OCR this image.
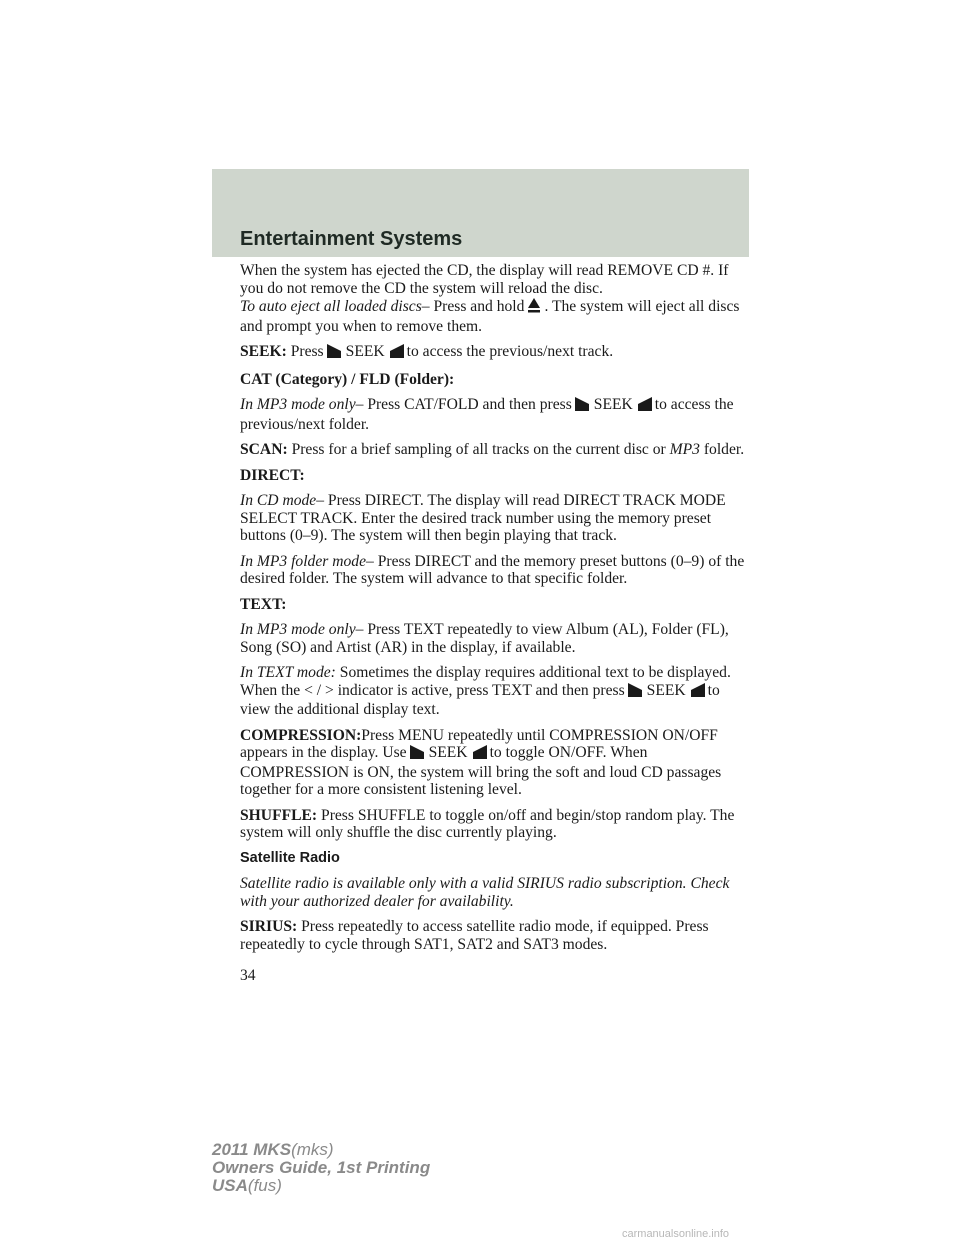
Entertainment Systems

When the system has ejected the CD, the display will read REMOVE CD #. If you do not remove the CD the system will reload the disc.
To auto eject all loaded discs– Press and hold . The system will eject all discs and prompt you when to remove them.

SEEK: Press SEEK to access the previous/next track.

CAT (Category) / FLD (Folder):

In MP3 mode only– Press CAT/FOLD and then press SEEK to access the previous/next folder.

SCAN: Press for a brief sampling of all tracks on the current disc or MP3 folder.

DIRECT:

In CD mode– Press DIRECT. The display will read DIRECT TRACK MODE SELECT TRACK. Enter the desired track number using the memory preset buttons (0–9). The system will then begin playing that track.

In MP3 folder mode– Press DIRECT and the memory preset buttons (0–9) of the desired folder. The system will advance to that specific folder.

TEXT:

In MP3 mode only– Press TEXT repeatedly to view Album (AL), Folder (FL), Song (SO) and Artist (AR) in the display, if available.

In TEXT mode: Sometimes the display requires additional text to be displayed. When the < / > indicator is active, press TEXT and then press SEEK to view the additional display text.

COMPRESSION:Press MENU repeatedly until COMPRESSION ON/OFF appears in the display. Use SEEK to toggle ON/OFF. When COMPRESSION is ON, the system will bring the soft and loud CD passages together for a more consistent listening level.

SHUFFLE: Press SHUFFLE to toggle on/off and begin/stop random play. The system will only shuffle the disc currently playing.

Satellite Radio

Satellite radio is available only with a valid SIRIUS radio subscription. Check with your authorized dealer for availability.

SIRIUS: Press repeatedly to access satellite radio mode, if equipped. Press repeatedly to cycle through SAT1, SAT2 and SAT3 modes.

34
2011 MKS(mks)
Owners Guide, 1st Printing
USA(fus)
carmanualsonline.info
